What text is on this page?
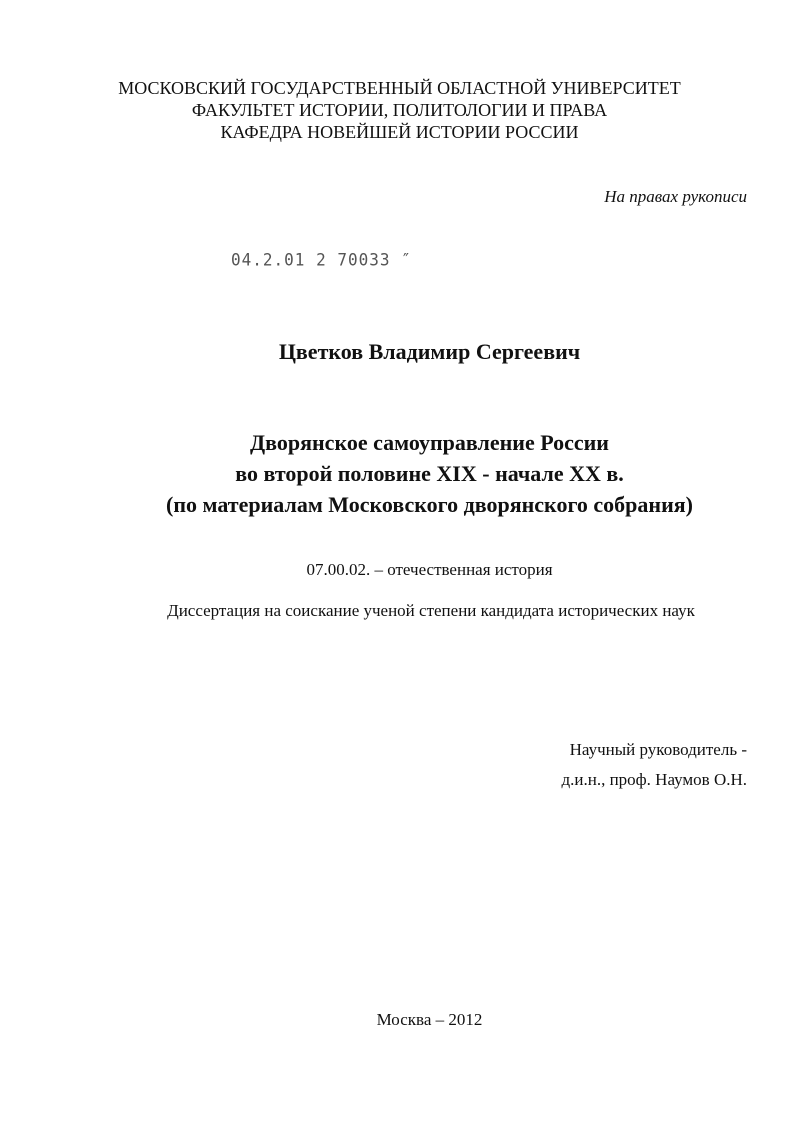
МОСКОВСКИЙ ГОСУДАРСТВЕННЫЙ ОБЛАСТНОЙ УНИВЕРСИТЕТ
ФАКУЛЬТЕТ ИСТОРИИ, ПОЛИТОЛОГИИ И ПРАВА
КАФЕДРА НОВЕЙШЕЙ ИСТОРИИ РОССИИ
На правах рукописи
04.2.01 2 70033 ″
Цветков Владимир Сергеевич
Дворянское самоуправление России
во второй половине XIX - начале XX в.
(по материалам Московского дворянского собрания)
07.00.02. – отечественная история
Диссертация на соискание ученой степени кандидата исторических наук
Научный руководитель -
д.и.н., проф. Наумов О.Н.
Москва – 2012
